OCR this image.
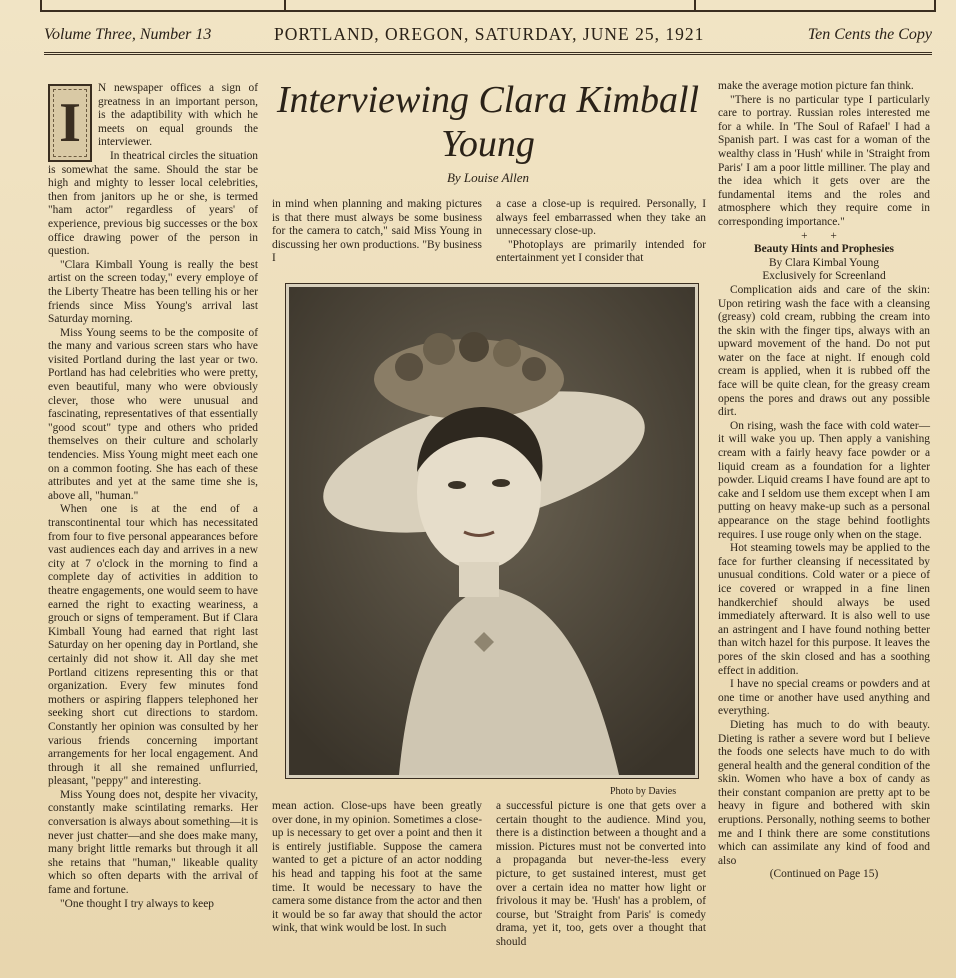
Volume Three, Number 13	PORTLAND, OREGON, SATURDAY, JUNE 25, 1921	Ten Cents the Copy
I

N newspaper offices a sign of greatness in an important person, is the adaptibility with which he meets on equal grounds the interviewer.

In theatrical circles the situation is somewhat the same. Should the star be high and mighty to lesser local celebrities, then from janitors up he or she, is termed "ham actor" regardless of years' of experience, previous big successes or the box office drawing power of the person in question.

"Clara Kimball Young is really the best artist on the screen today," every employe of the Liberty Theatre has been telling his or her friends since Miss Young's arrival last Saturday morning.

Miss Young seems to be the composite of the many and various screen stars who have visited Portland during the last year or two. Portland has had celebrities who were pretty, even beautiful, many who were obviously clever, those who were unusual and fascinating, representatives of that essentially "good scout" type and others who prided themselves on their culture and scholarly tendencies. Miss Young might meet each one on a common footing. She has each of these attributes and yet at the same time she is, above all, "human."

When one is at the end of a transcontinental tour which has necessitated from four to five personal appearances before vast audiences each day and arrives in a new city at 7 o'clock in the morning to find a complete day of activities in addition to theatre engagements, one would seem to have earned the right to exacting weariness, a grouch or signs of temperament. But if Clara Kimball Young had earned that right last Saturday on her opening day in Portland, she certainly did not show it. All day she met Portland citizens representing this or that organization. Every few minutes fond mothers or aspiring flappers telephoned her seeking short cut directions to stardom. Constantly her opinion was consulted by her various friends concerning important arrangements for her local engagement. And through it all she remained unflurried, pleasant, "peppy" and interesting.

Miss Young does not, despite her vivacity, constantly make scintilating remarks. Her conversation is always about something—it is never just chatter—and she does make many, many bright little remarks but through it all she retains that "human," likeable quality which so often departs with the arrival of fame and fortune.

"One thought I try always to keep

Interviewing Clara Kimball Young
By Louise Allen

in mind when planning and making pictures is that there must always be some business for the camera to catch," said Miss Young in discussing her own productions. "By business I

a case a close-up is required. Personally, I always feel embarrassed when they take an unnecessary close-up.

"Photoplays are primarily intended for entertainment yet I consider that

Photo by Davies

mean action. Close-ups have been greatly over done, in my opinion. Sometimes a close-up is necessary to get over a point and then it is entirely justifiable. Suppose the camera wanted to get a picture of an actor nodding his head and tapping his foot at the same time. It would be necessary to have the camera some distance from the actor and then it would be so far away that should the actor wink, that wink would be lost. In such

a successful picture is one that gets over a certain thought to the audience. Mind you, there is a distinction between a thought and a mission. Pictures must not be converted into a propaganda but never-the-less every picture, to get sustained interest, must get over a certain idea no matter how light or frivolous it may be. 'Hush' has a problem, of course, but 'Straight from Paris' is comedy drama, yet it, too, gets over a thought that should

make the average motion picture fan think.

"There is no particular type I particularly care to portray. Russian roles interested me for a while. In 'The Soul of Rafael' I had a Spanish part. I was cast for a woman of the wealthy class in 'Hush' while in 'Straight from Paris' I am a poor little milliner. The play and the idea which it gets over are the fundamental items and the roles and atmosphere which they require come in corresponding importance."

+ +

Beauty Hints and Prophesies

By Clara Kimbal Young

Exclusively for Screenland

Complication aids and care of the skin: Upon retiring wash the face with a cleansing (greasy) cold cream, rubbing the cream into the skin with the finger tips, always with an upward movement of the hand. Do not put water on the face at night. If enough cold cream is applied, when it is rubbed off the face will be quite clean, for the greasy cream opens the pores and draws out any possible dirt.

On rising, wash the face with cold water—it will wake you up. Then apply a vanishing cream with a fairly heavy face powder or a liquid cream as a foundation for a lighter powder. Liquid creams I have found are apt to cake and I seldom use them except when I am putting on heavy make-up such as a personal appearance on the stage behind footlights requires. I use rouge only when on the stage.

Hot steaming towels may be applied to the face for further cleansing if necessitated by unusual conditions. Cold water or a piece of ice covered or wrapped in a fine linen handkerchief should always be used immediately afterward. It is also well to use an astringent and I have found nothing better than witch hazel for this purpose. It leaves the pores of the skin closed and has a soothing effect in addition.

I have no special creams or powders and at one time or another have used anything and everything.

Dieting has much to do with beauty. Dieting is rather a severe word but I believe the foods one selects have much to do with general health and the general condition of the skin. Women who have a box of candy as their constant companion are pretty apt to be heavy in figure and bothered with skin eruptions. Personally, nothing seems to bother me and I think there are some constitutions which can assimilate any kind of food and also

(Continued on Page 15)
